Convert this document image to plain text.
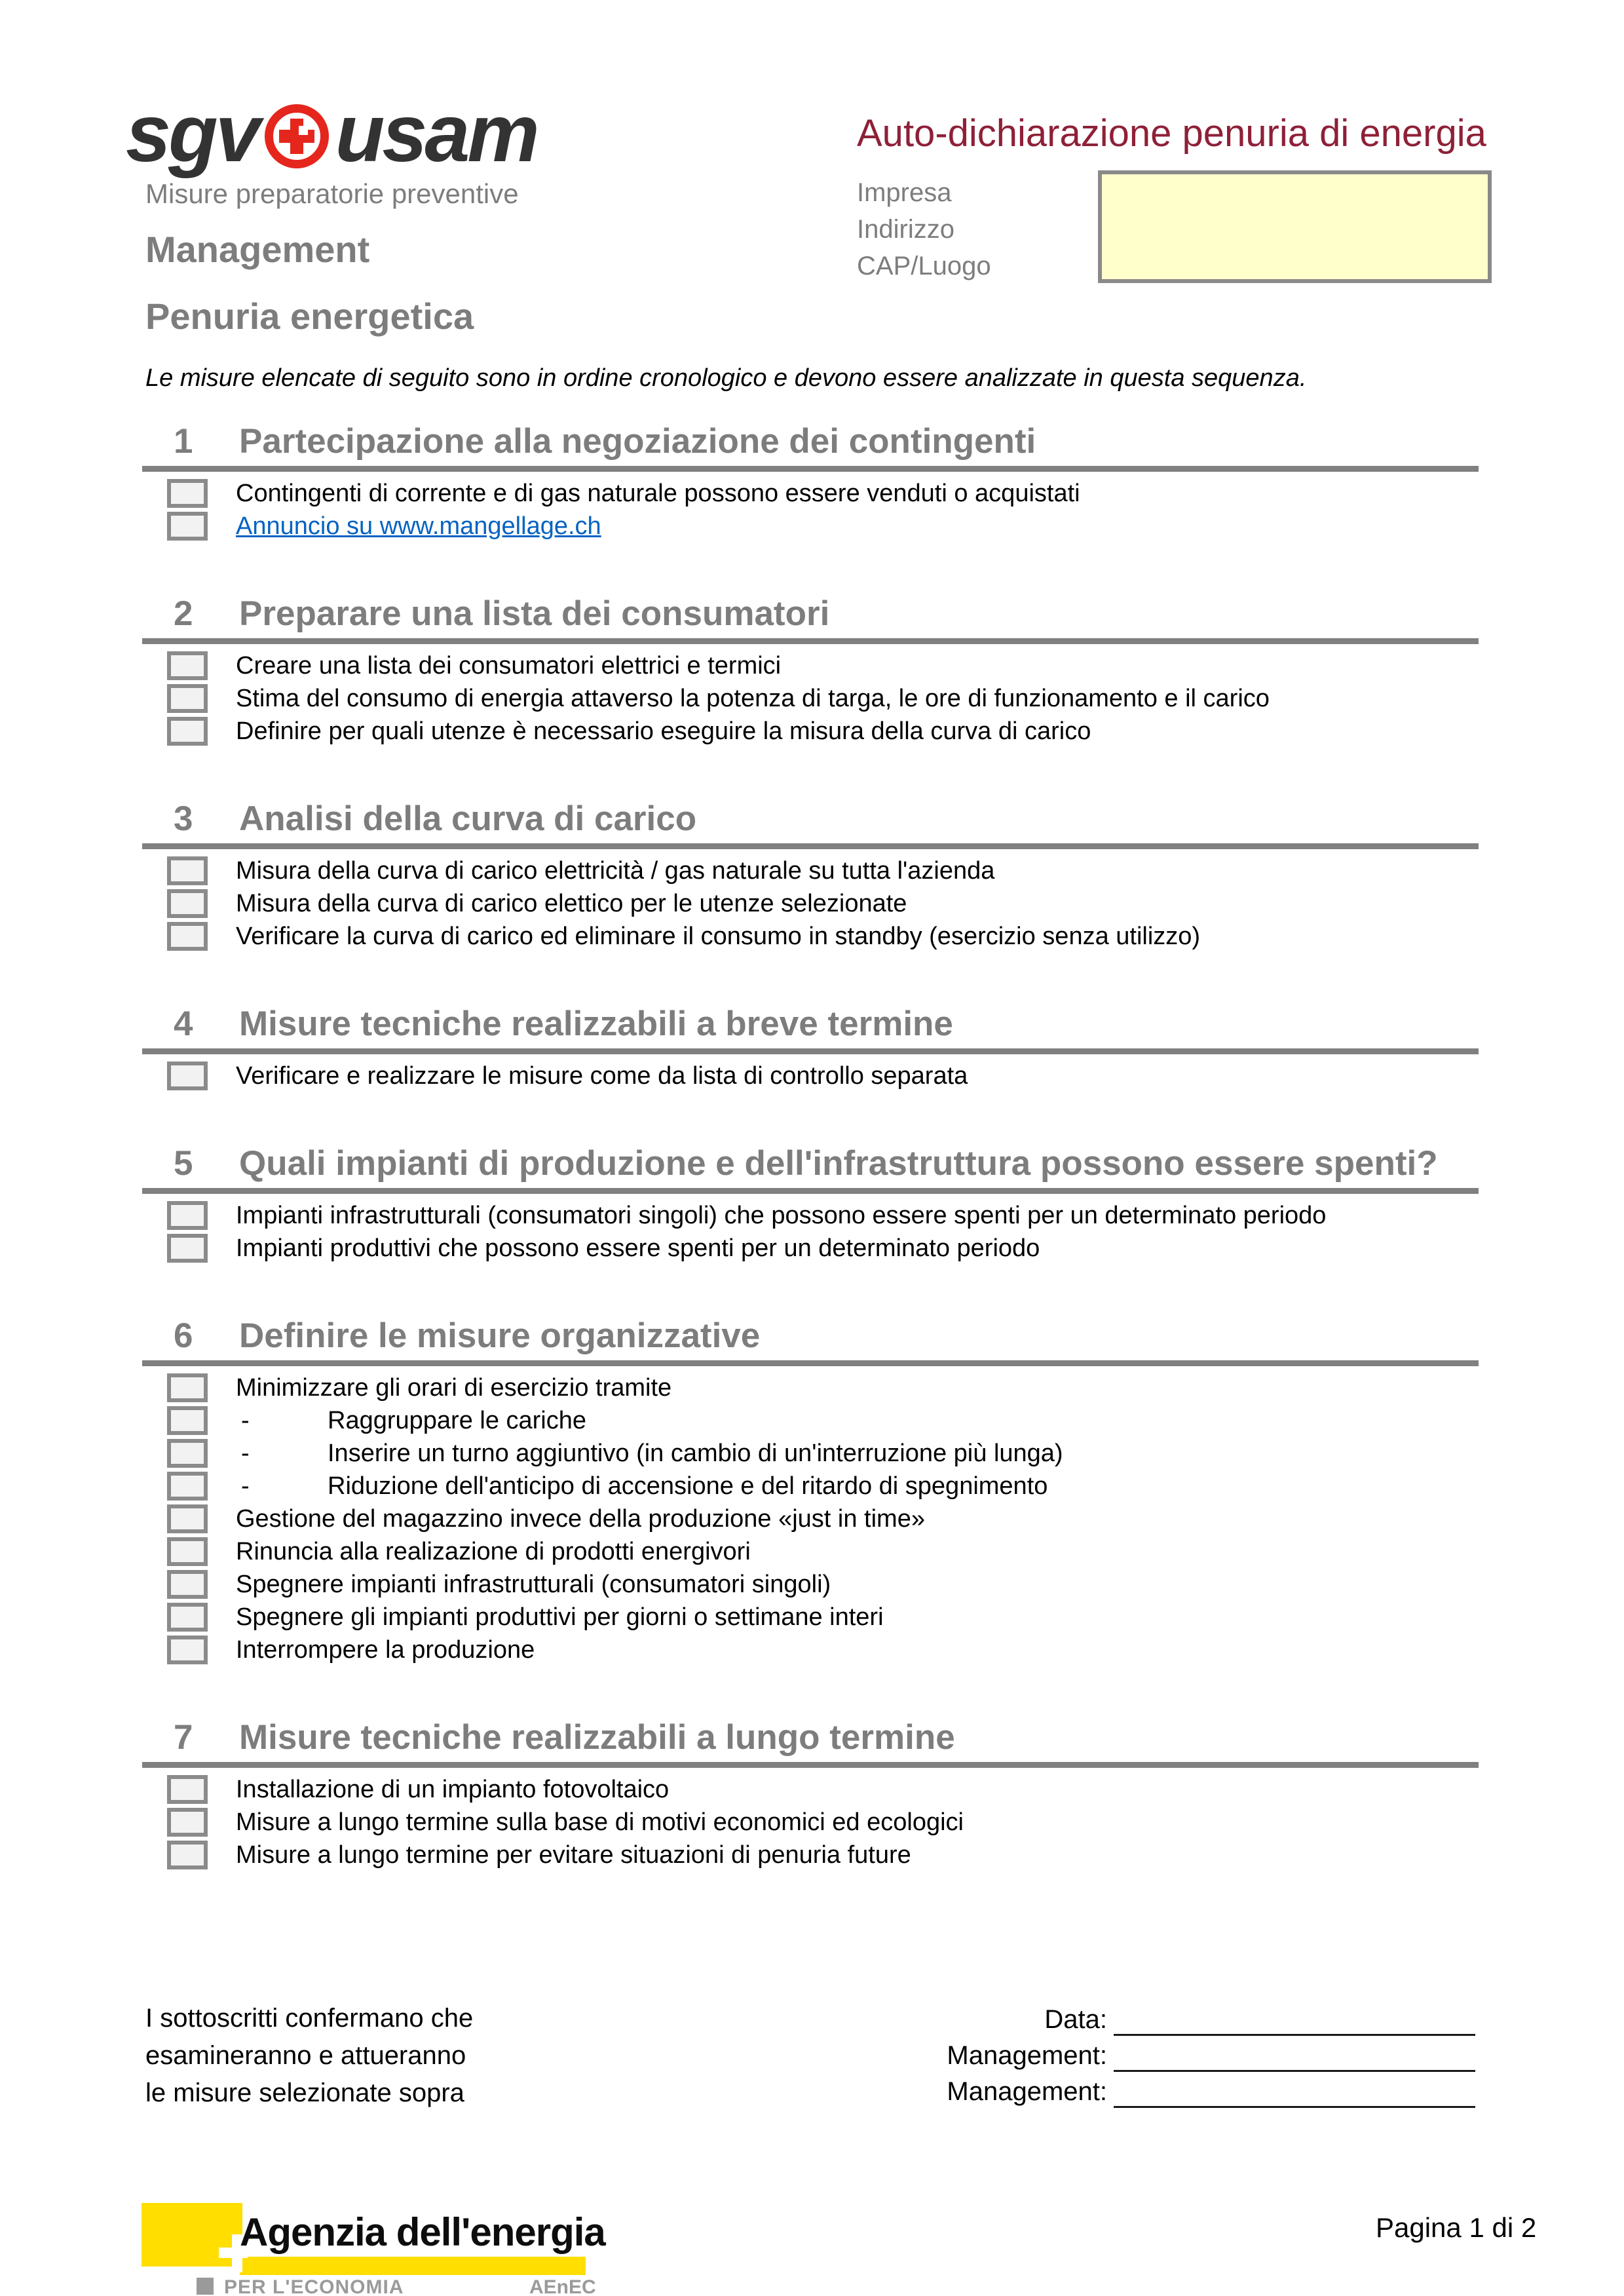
sgv usam
Misure preparatorie preventive
Management
Penuria energetica
Auto-dichiarazione penuria di energia
Impresa
Indirizzo
CAP/Luogo
Le misure elencate di seguito sono in ordine cronologico e devono essere analizzate in questa sequenza.
1 Partecipazione alla negoziazione dei contingenti
Contingenti di corrente e di gas naturale possono essere venduti o acquistati
Annuncio su www.mangellage.ch
2 Preparare una lista dei consumatori
Creare una lista dei consumatori elettrici e termici
Stima del consumo di energia attaverso la potenza di targa, le ore di funzionamento e il carico
Definire per quali utenze è necessario eseguire la misura della curva di carico
3 Analisi della curva di carico
Misura della curva di carico elettricità / gas naturale su tutta l'azienda
Misura della curva di carico elettico per le utenze selezionate
Verificare la curva di carico ed eliminare il consumo in standby (esercizio senza utilizzo)
4 Misure tecniche realizzabili a breve termine
Verificare e realizzare le misure come da lista di controllo separata
5 Quali impianti di produzione e dell'infrastruttura possono essere spenti?
Impianti infrastrutturali (consumatori singoli) che possono essere spenti per un determinato periodo
Impianti produttivi che possono essere spenti per un determinato periodo
6 Definire le misure organizzative
Minimizzare gli orari di esercizio tramite
-	Raggruppare le cariche
-	Inserire un turno aggiuntivo (in cambio di un'interruzione più lunga)
-	Riduzione dell'anticipo di accensione e del ritardo di spegnimento
Gestione del magazzino invece della produzione «just in time»
Rinuncia alla realizazione di prodotti energivori
Spegnere impianti infrastrutturali (consumatori singoli)
Spegnere gli impianti produttivi per giorni o settimane interi
Interrompere la produzione
7 Misure tecniche realizzabili a lungo termine
Installazione di un impianto fotovoltaico
Misure a lungo termine sulla base di motivi economici ed ecologici
Misure a lungo termine per evitare situazioni di penuria future
I sottoscritti confermano che
esamineranno e attueranno
le misure selezionate sopra
Data:
Management:
Management:
Agenzia dell'energia
PER L'ECONOMIA	AEnEC
Pagina 1 di 2
